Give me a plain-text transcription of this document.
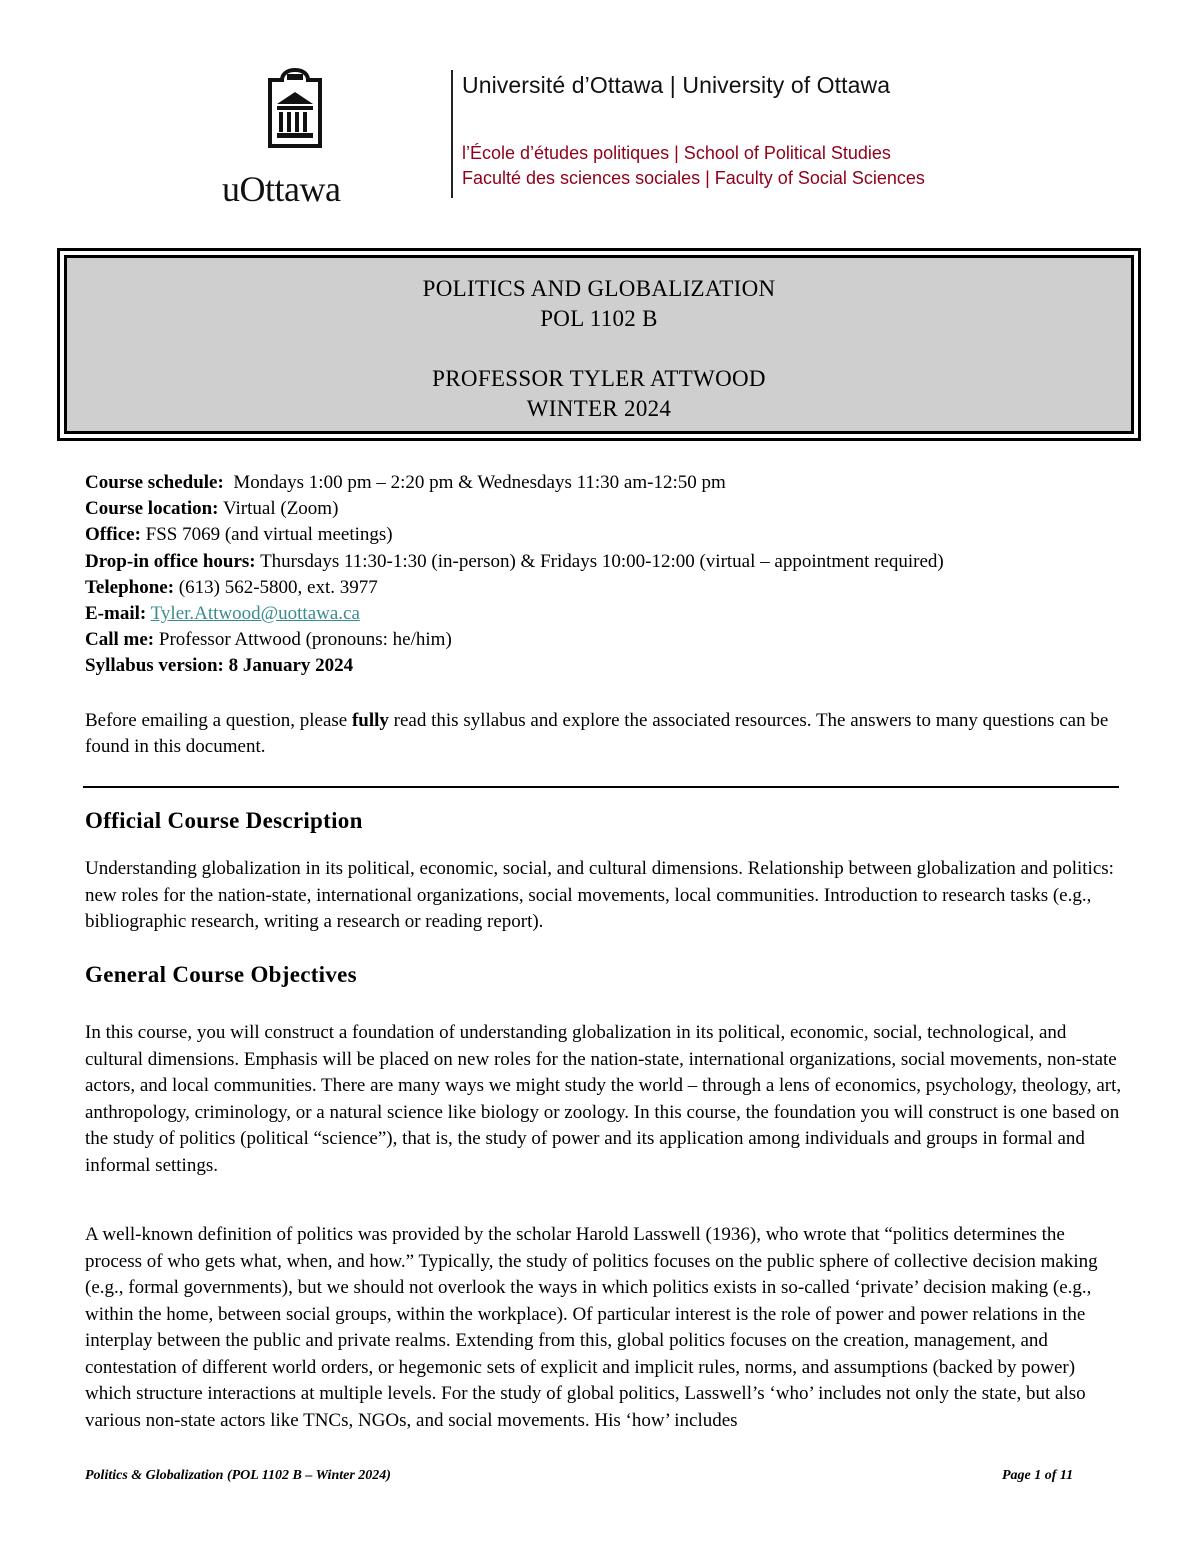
uOttawa
Université d’Ottawa | University of Ottawa
l’École d’études politiques | School of Political Studies
Faculté des sciences sociales | Faculty of Social Sciences
POLITICS AND GLOBALIZATION
POL 1102 B
PROFESSOR TYLER ATTWOOD
WINTER 2024
Course schedule: Mondays 1:00 pm – 2:20 pm & Wednesdays 11:30 am-12:50 pm
Course location: Virtual (Zoom)
Office: FSS 7069 (and virtual meetings)
Drop-in office hours: Thursdays 11:30-1:30 (in-person) & Fridays 10:00-12:00 (virtual – appointment required)
Telephone: (613) 562-5800, ext. 3977
E-mail: Tyler.Attwood@uottawa.ca
Call me: Professor Attwood (pronouns: he/him)
Syllabus version: 8 January 2024
Before emailing a question, please fully read this syllabus and explore the associated resources. The answers to many questions can be found in this document.
Official Course Description

Understanding globalization in its political, economic, social, and cultural dimensions. Relationship between globalization and politics: new roles for the nation-state, international organizations, social movements, local communities. Introduction to research tasks (e.g., bibliographic research, writing a research or reading report).

General Course Objectives

In this course, you will construct a foundation of understanding globalization in its political, economic, social, technological, and cultural dimensions. Emphasis will be placed on new roles for the nation-state, international organizations, social movements, non-state actors, and local communities. There are many ways we might study the world – through a lens of economics, psychology, theology, art, anthropology, criminology, or a natural science like biology or zoology. In this course, the foundation you will construct is one based on the study of politics (political “science”), that is, the study of power and its application among individuals and groups in formal and informal settings.

A well-known definition of politics was provided by the scholar Harold Lasswell (1936), who wrote that “politics determines the process of who gets what, when, and how.” Typically, the study of politics focuses on the public sphere of collective decision making (e.g., formal governments), but we should not overlook the ways in which politics exists in so-called ‘private’ decision making (e.g., within the home, between social groups, within the workplace). Of particular interest is the role of power and power relations in the interplay between the public and private realms. Extending from this, global politics focuses on the creation, management, and contestation of different world orders, or hegemonic sets of explicit and implicit rules, norms, and assumptions (backed by power) which structure interactions at multiple levels. For the study of global politics, Lasswell’s ‘who’ includes not only the state, but also various non-state actors like TNCs, NGOs, and social movements. His ‘how’ includes

Politics & Globalization (POL 1102 B – Winter 2024)	Page 1 of 11
